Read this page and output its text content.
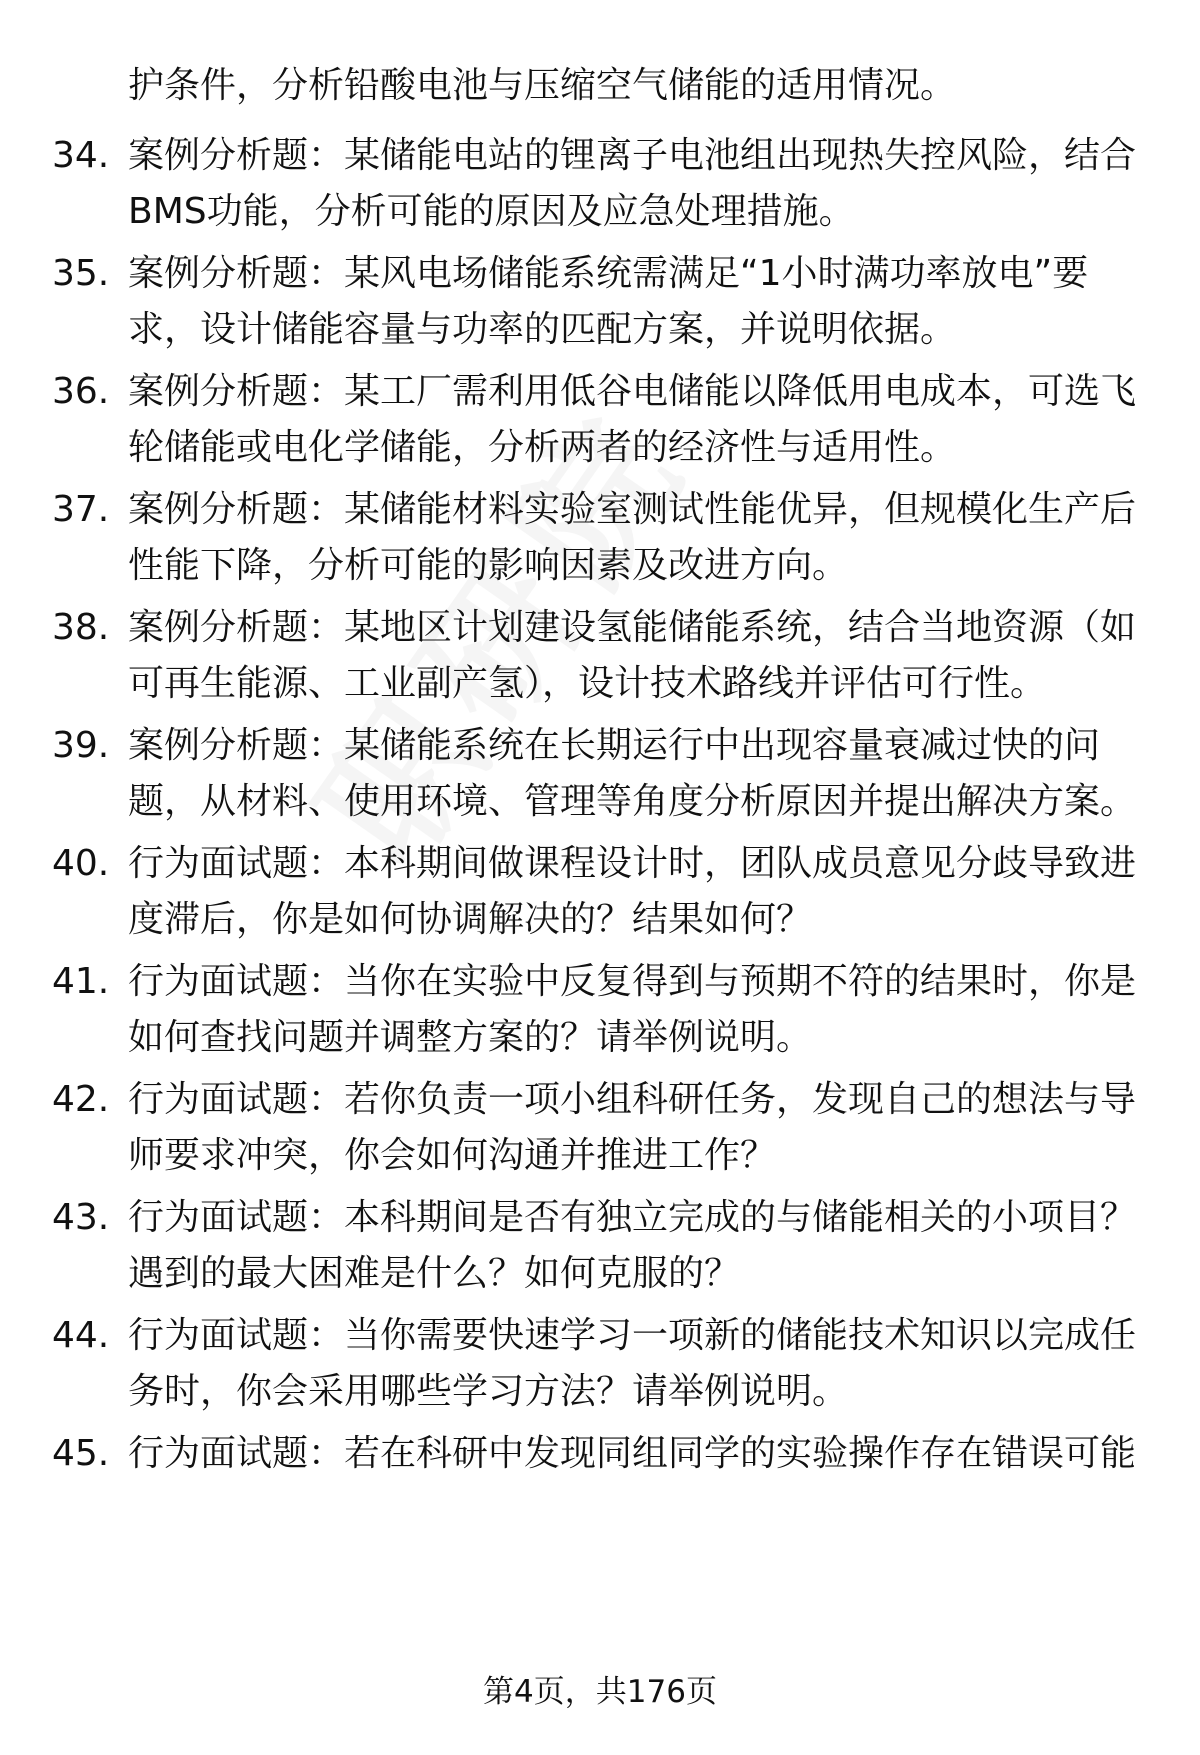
护条件，分析铅酸电池与压缩空气储能的适用情况。

34. 案例分析题：某储能电站的锂离子电池组出现热失控风险，结合
BMS功能，分析可能的原因及应急处理措施。

35. 案例分析题：某风电场储能系统需满足“1小时满功率放电”要
求，设计储能容量与功率的匹配方案，并说明依据。

36. 案例分析题：某工厂需利用低谷电储能以降低用电成本，可选飞
轮储能或电化学储能，分析两者的经济性与适用性。

37. 案例分析题：某储能材料实验室测试性能优异，但规模化生产后
性能下降，分析可能的影响因素及改进方向。

38. 案例分析题：某地区计划建设氢能储能系统，结合当地资源（如
可再生能源、工业副产氢），设计技术路线并评估可行性。

39. 案例分析题：某储能系统在长期运行中出现容量衰减过快的问
题，从材料、使用环境、管理等角度分析原因并提出解决方案。

40. 行为面试题：本科期间做课程设计时，团队成员意见分歧导致进
度滞后，你是如何协调解决的？结果如何？

41. 行为面试题：当你在实验中反复得到与预期不符的结果时，你是
如何查找问题并调整方案的？请举例说明。

42. 行为面试题：若你负责一项小组科研任务，发现自己的想法与导
师要求冲突，你会如何沟通并推进工作？

43. 行为面试题：本科期间是否有独立完成的与储能相关的小项目？
遇到的最大困难是什么？如何克服的？

44. 行为面试题：当你需要快速学习一项新的储能技术知识以完成任
务时，你会采用哪些学习方法？请举例说明。

45. 行为面试题：若在科研中发现同组同学的实验操作存在错误可能

第4页，共176页
